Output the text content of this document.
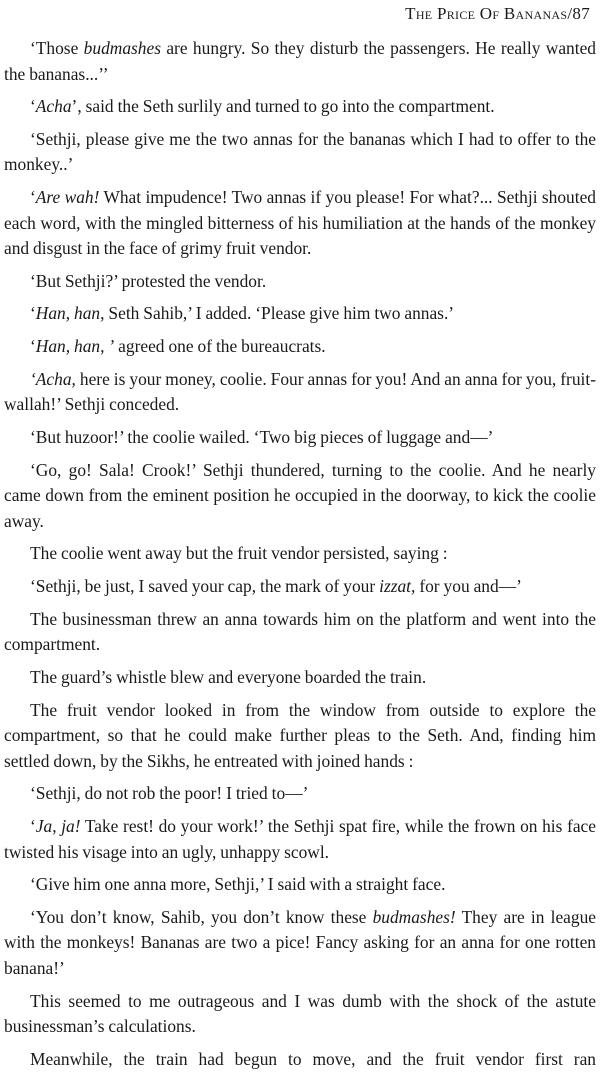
The Price Of Bananas/87

‘Those budmashes are hungry. So they disturb the passengers. He really wanted the bananas...’’

‘Acha’, said the Seth surlily and turned to go into the compartment.

‘Sethji, please give me the two annas for the bananas which I had to offer to the monkey..’

‘Are wah! What impudence! Two annas if you please! For what?... Sethji shouted each word, with the mingled bitterness of his humiliation at the hands of the monkey and disgust in the face of grimy fruit vendor.

‘But Sethji?’ protested the vendor.

‘Han, han, Seth Sahib,’ I added. ‘Please give him two annas.’

‘Han, han, ’ agreed one of the bureaucrats.

‘Acha, here is your money, coolie. Four annas for you! And an anna for you, fruit-wallah!’ Sethji conceded.

‘But huzoor!’ the coolie wailed. ‘Two big pieces of luggage and—’

‘Go, go! Sala! Crook!’ Sethji thundered, turning to the coolie. And he nearly came down from the eminent position he occupied in the doorway, to kick the coolie away.

The coolie went away but the fruit vendor persisted, saying :

‘Sethji, be just, I saved your cap, the mark of your izzat, for you and—’

The businessman threw an anna towards him on the platform and went into the compartment.

The guard’s whistle blew and everyone boarded the train.

The fruit vendor looked in from the window from outside to explore the compartment, so that he could make further pleas to the Seth. And, finding him settled down, by the Sikhs, he entreated with joined hands :

‘Sethji, do not rob the poor! I tried to—’

‘Ja, ja! Take rest! do your work!’ the Sethji spat fire, while the frown on his face twisted his visage into an ugly, unhappy scowl.

‘Give him one anna more, Sethji,’ I said with a straight face.

‘You don’t know, Sahib, you don’t know these budmashes! They are in league with the monkeys! Bananas are two a pice! Fancy asking for an anna for one rotten banana!’

This seemed to me outrageous and I was dumb with the shock of the astute businessman’s calculations.

Meanwhile, the train had begun to move, and the fruit vendor first ran
